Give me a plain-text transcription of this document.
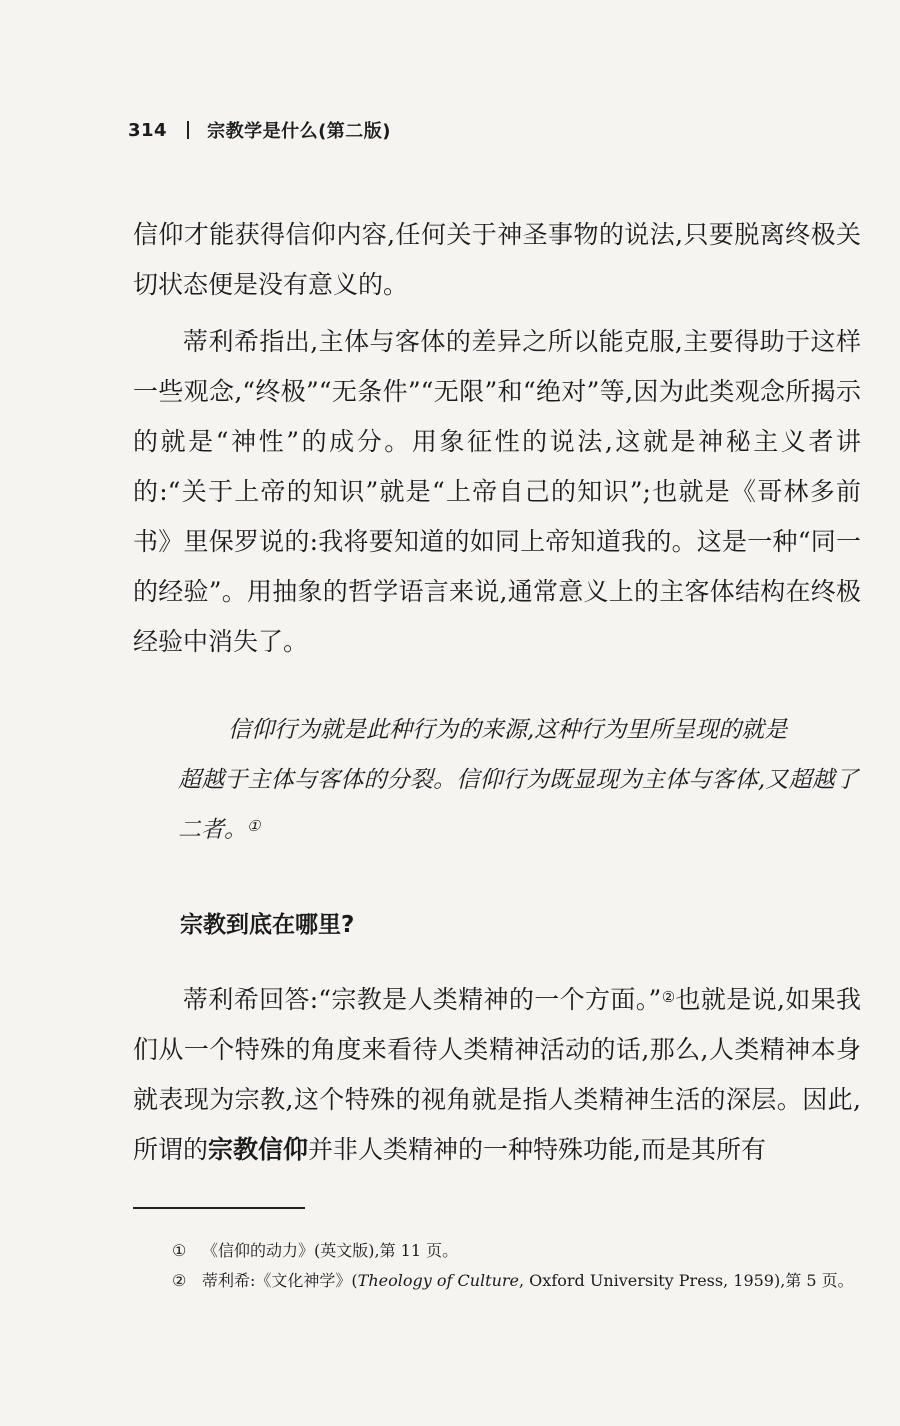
314 宗教学是什么(第二版)

信仰才能获得信仰内容,任何关于神圣事物的说法,只要脱离终极关切状态便是没有意义的。

蒂利希指出,主体与客体的差异之所以能克服,主要得助于这样一些观念,“终极”“无条件”“无限”和“绝对”等,因为此类观念所揭示的就是“神性”的成分。用象征性的说法,这就是神秘主义者讲的:“关于上帝的知识”就是“上帝自己的知识”;也就是《哥林多前书》里保罗说的:我将要知道的如同上帝知道我的。这是一种“同一的经验”。用抽象的哲学语言来说,通常意义上的主客体结构在终极经验中消失了。

信仰行为就是此种行为的来源,这种行为里所呈现的就是
超越于主体与客体的分裂。信仰行为既显现为主体与客体,又超越了二者。①

宗教到底在哪里?

蒂利希回答:“宗教是人类精神的一个方面。”②也就是说,如果我们从一个特殊的角度来看待人类精神活动的话,那么,人类精神本身就表现为宗教,这个特殊的视角就是指人类精神生活的深层。因此,所谓的宗教信仰并非人类精神的一种特殊功能,而是其所有

① 《信仰的动力》(英文版),第 11 页。
② 蒂利希:《文化神学》(Theology of Culture, Oxford University Press, 1959),第 5 页。
